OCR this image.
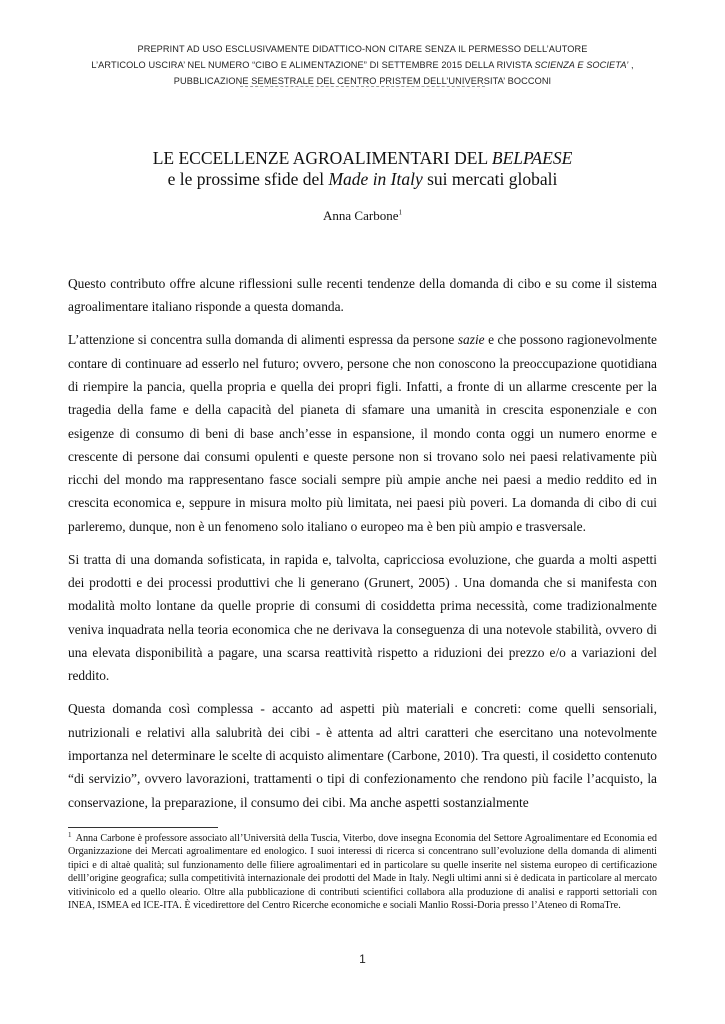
PREPRINT AD USO ESCLUSIVAMENTE DIDATTICO-NON CITARE SENZA IL PERMESSO DELL’AUTORE
L’ARTICOLO USCIRA’ NEL NUMERO “CIBO E ALIMENTAZIONE” DI SETTEMBRE 2015 DELLA RIVISTA SCIENZA E SOCIETA’ ,
PUBBLICAZIONE SEMESTRALE DEL CENTRO PRISTEM DELL’UNIVERSITA’ BOCCONI
LE ECCELLENZE AGROALIMENTARI DEL BELPAESE
e le prossime sfide del Made in Italy sui mercati globali
Anna Carbone$^1$

Questo contributo offre alcune riflessioni sulle recenti tendenze della domanda di cibo e su come il sistema agroalimentare italiano risponde a questa domanda.

L’attenzione si concentra sulla domanda di alimenti espressa da persone sazie e che possono ragionevolmente contare di continuare ad esserlo nel futuro; ovvero, persone che non conoscono la preoccupazione quotidiana di riempire la pancia, quella propria e quella dei propri figli. Infatti, a fronte di un allarme crescente per la tragedia della fame e della capacità del pianeta di sfamare una umanità in crescita esponenziale e con esigenze di consumo di beni di base anch’esse in espansione, il mondo conta oggi un numero enorme e crescente di persone dai consumi opulenti e queste persone non si trovano solo nei paesi relativamente più ricchi del mondo ma rappresentano fasce sociali sempre più ampie anche nei paesi a medio reddito ed in crescita economica e, seppure in misura molto più limitata, nei paesi più poveri. La domanda di cibo di cui parleremo, dunque, non è un fenomeno solo italiano o europeo ma è ben più ampio e trasversale.

Si tratta di una domanda sofisticata, in rapida e, talvolta, capricciosa evoluzione, che guarda a molti aspetti dei prodotti e dei processi produttivi che li generano (Grunert, 2005) . Una domanda che si manifesta con modalità molto lontane da quelle proprie di consumi di cosiddetta prima necessità, come tradizionalmente veniva inquadrata nella teoria economica che ne derivava la conseguenza di una notevole stabilità, ovvero di una elevata disponibilità a pagare, una scarsa reattività rispetto a riduzioni dei prezzo e/o a variazioni del reddito.

Questa domanda così complessa - accanto ad aspetti più materiali e concreti: come quelli sensoriali, nutrizionali e relativi alla salubrità dei cibi - è attenta ad altri caratteri che esercitano una notevolmente importanza nel determinare le scelte di acquisto alimentare (Carbone, 2010). Tra questi, il cosidetto contenuto “di servizio”, ovvero lavorazioni, trattamenti o tipi di confezionamento che rendono più facile l’acquisto, la conservazione, la preparazione, il consumo dei cibi. Ma anche aspetti sostanzialmente

$^1$ Anna Carbone è professore associato all’Università della Tuscia, Viterbo, dove insegna Economia del Settore Agroalimentare ed Economia ed Organizzazione dei Mercati agroalimentare ed enologico. I suoi interessi di ricerca si concentrano sull’evoluzione della domanda di alimenti tipici e di altaè qualità; sul funzionamento delle filiere agroalimentari ed in particolare su quelle inserite nel sistema europeo di certificazione delll’origine geografica; sulla competitività internazionale dei prodotti del Made in Italy. Negli ultimi anni si è dedicata in particolare al mercato vitivinicolo ed a quello oleario. Oltre alla pubblicazione di contributi scientifici collabora alla produzione di analisi e rapporti settoriali con INEA, ISMEA ed ICE-ITA. È vicedirettore del Centro Ricerche economiche e sociali Manlio Rossi-Doria presso l’Ateneo di RomaTre.
1
